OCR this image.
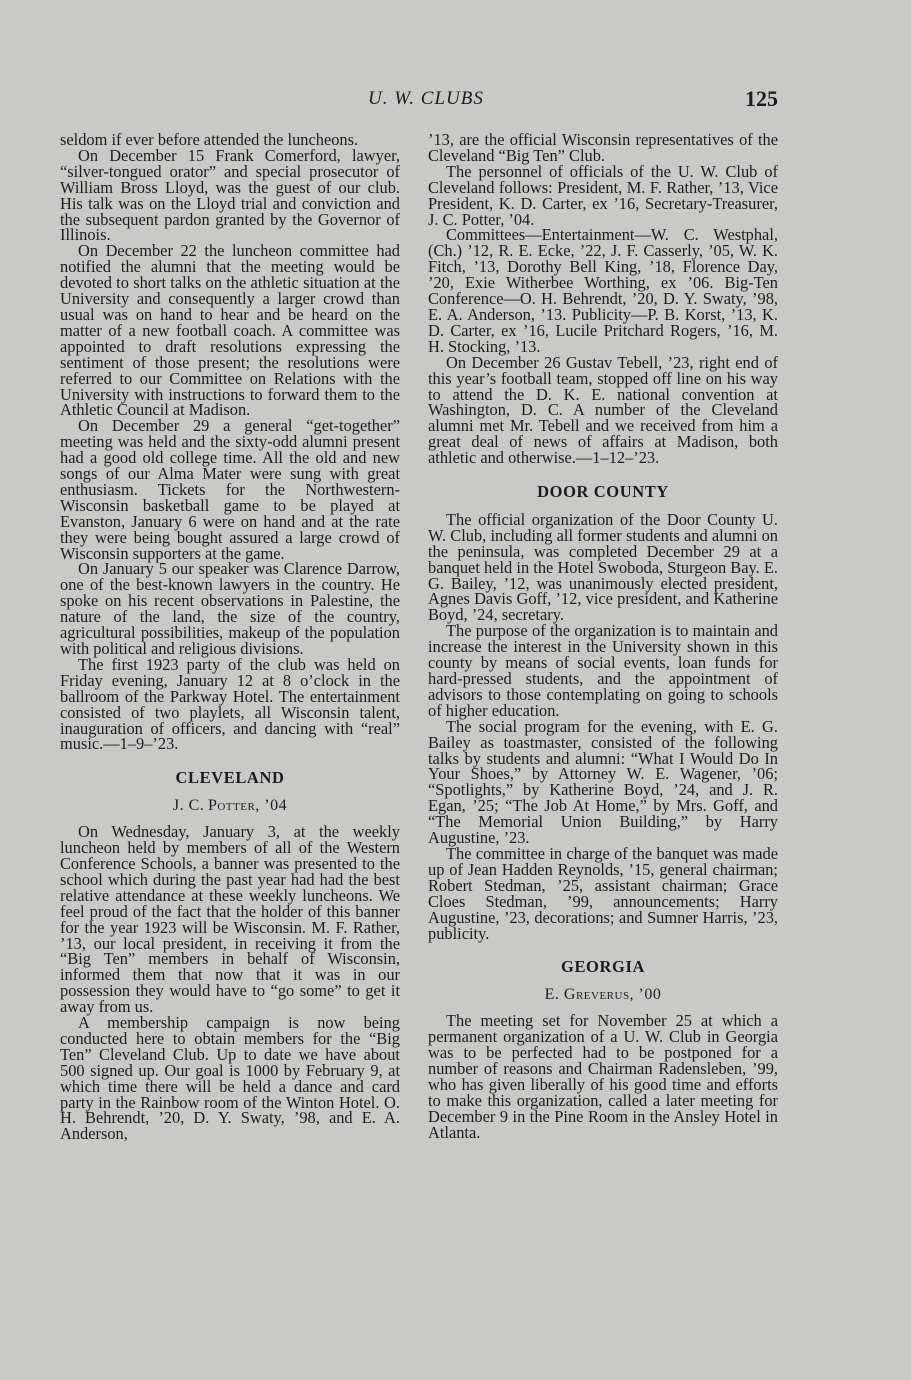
U. W. CLUBS	125

seldom if ever before attended the luncheons.

On December 15 Frank Comerford, lawyer, “silver-tongued orator” and special prosecutor of William Bross Lloyd, was the guest of our club. His talk was on the Lloyd trial and conviction and the subsequent pardon granted by the Governor of Illinois.

On December 22 the luncheon committee had notified the alumni that the meeting would be devoted to short talks on the athletic situation at the University and consequently a larger crowd than usual was on hand to hear and be heard on the matter of a new football coach. A committee was appointed to draft resolutions expressing the sentiment of those present; the resolutions were referred to our Committee on Relations with the University with instructions to forward them to the Athletic Council at Madison.

On December 29 a general “get-together” meeting was held and the sixty-odd alumni present had a good old college time. All the old and new songs of our Alma Mater were sung with great enthusiasm. Tickets for the Northwestern-Wisconsin basketball game to be played at Evanston, January 6 were on hand and at the rate they were being bought assured a large crowd of Wisconsin supporters at the game.

On January 5 our speaker was Clarence Darrow, one of the best-known lawyers in the country. He spoke on his recent observations in Palestine, the nature of the land, the size of the country, agricultural possibilities, makeup of the population with political and religious divisions.

The first 1923 party of the club was held on Friday evening, January 12 at 8 o’clock in the ballroom of the Parkway Hotel. The entertainment consisted of two playlets, all Wisconsin talent, inauguration of officers, and dancing with “real” music.—1–9–’23.

CLEVELAND
J. C. Potter, ’04

On Wednesday, January 3, at the weekly luncheon held by members of all of the Western Conference Schools, a banner was presented to the school which during the past year had had the best relative attendance at these weekly luncheons. We feel proud of the fact that the holder of this banner for the year 1923 will be Wisconsin. M. F. Rather, ’13, our local president, in receiving it from the “Big Ten” members in behalf of Wisconsin, informed them that now that it was in our possession they would have to “go some” to get it away from us.

A membership campaign is now being conducted here to obtain members for the “Big Ten” Cleveland Club. Up to date we have about 500 signed up. Our goal is 1000 by February 9, at which time there will be held a dance and card party in the Rainbow room of the Winton Hotel. O. H. Behrendt, ’20, D. Y. Swaty, ’98, and E. A. Anderson,

’13, are the official Wisconsin representatives of the Cleveland “Big Ten” Club.

The personnel of officials of the U. W. Club of Cleveland follows: President, M. F. Rather, ’13, Vice President, K. D. Carter, ex ’16, Secretary-Treasurer, J. C. Potter, ’04.

Committees—Entertainment—W. C. Westphal, (Ch.) ’12, R. E. Ecke, ’22, J. F. Casserly, ’05, W. K. Fitch, ’13, Dorothy Bell King, ’18, Florence Day, ’20, Exie Witherbee Worthing, ex ’06. Big-Ten Conference—O. H. Behrendt, ’20, D. Y. Swaty, ’98, E. A. Anderson, ’13. Publicity—P. B. Korst, ’13, K. D. Carter, ex ’16, Lucile Pritchard Rogers, ’16, M. H. Stocking, ’13.

On December 26 Gustav Tebell, ’23, right end of this year’s football team, stopped off line on his way to attend the D. K. E. national convention at Washington, D. C. A number of the Cleveland alumni met Mr. Tebell and we received from him a great deal of news of affairs at Madison, both athletic and otherwise.—1–12–’23.

DOOR COUNTY

The official organization of the Door County U. W. Club, including all former students and alumni on the peninsula, was completed December 29 at a banquet held in the Hotel Swoboda, Sturgeon Bay. E. G. Bailey, ’12, was unanimously elected president, Agnes Davis Goff, ’12, vice president, and Katherine Boyd, ’24, secretary.

The purpose of the organization is to maintain and increase the interest in the University shown in this county by means of social events, loan funds for hard-pressed students, and the appointment of advisors to those contemplating on going to schools of higher education.

The social program for the evening, with E. G. Bailey as toastmaster, consisted of the following talks by students and alumni: “What I Would Do In Your Shoes,” by Attorney W. E. Wagener, ’06; “Spotlights,” by Katherine Boyd, ’24, and J. R. Egan, ’25; “The Job At Home,” by Mrs. Goff, and “The Memorial Union Building,” by Harry Augustine, ’23.

The committee in charge of the banquet was made up of Jean Hadden Reynolds, ’15, general chairman; Robert Stedman, ’25, assistant chairman; Grace Cloes Stedman, ’99, announcements; Harry Augustine, ’23, decorations; and Sumner Harris, ’23, publicity.

GEORGIA
E. Greverus, ’00

The meeting set for November 25 at which a permanent organization of a U. W. Club in Georgia was to be perfected had to be postponed for a number of reasons and Chairman Radensleben, ’99, who has given liberally of his good time and efforts to make this organization, called a later meeting for December 9 in the Pine Room in the Ansley Hotel in Atlanta.
